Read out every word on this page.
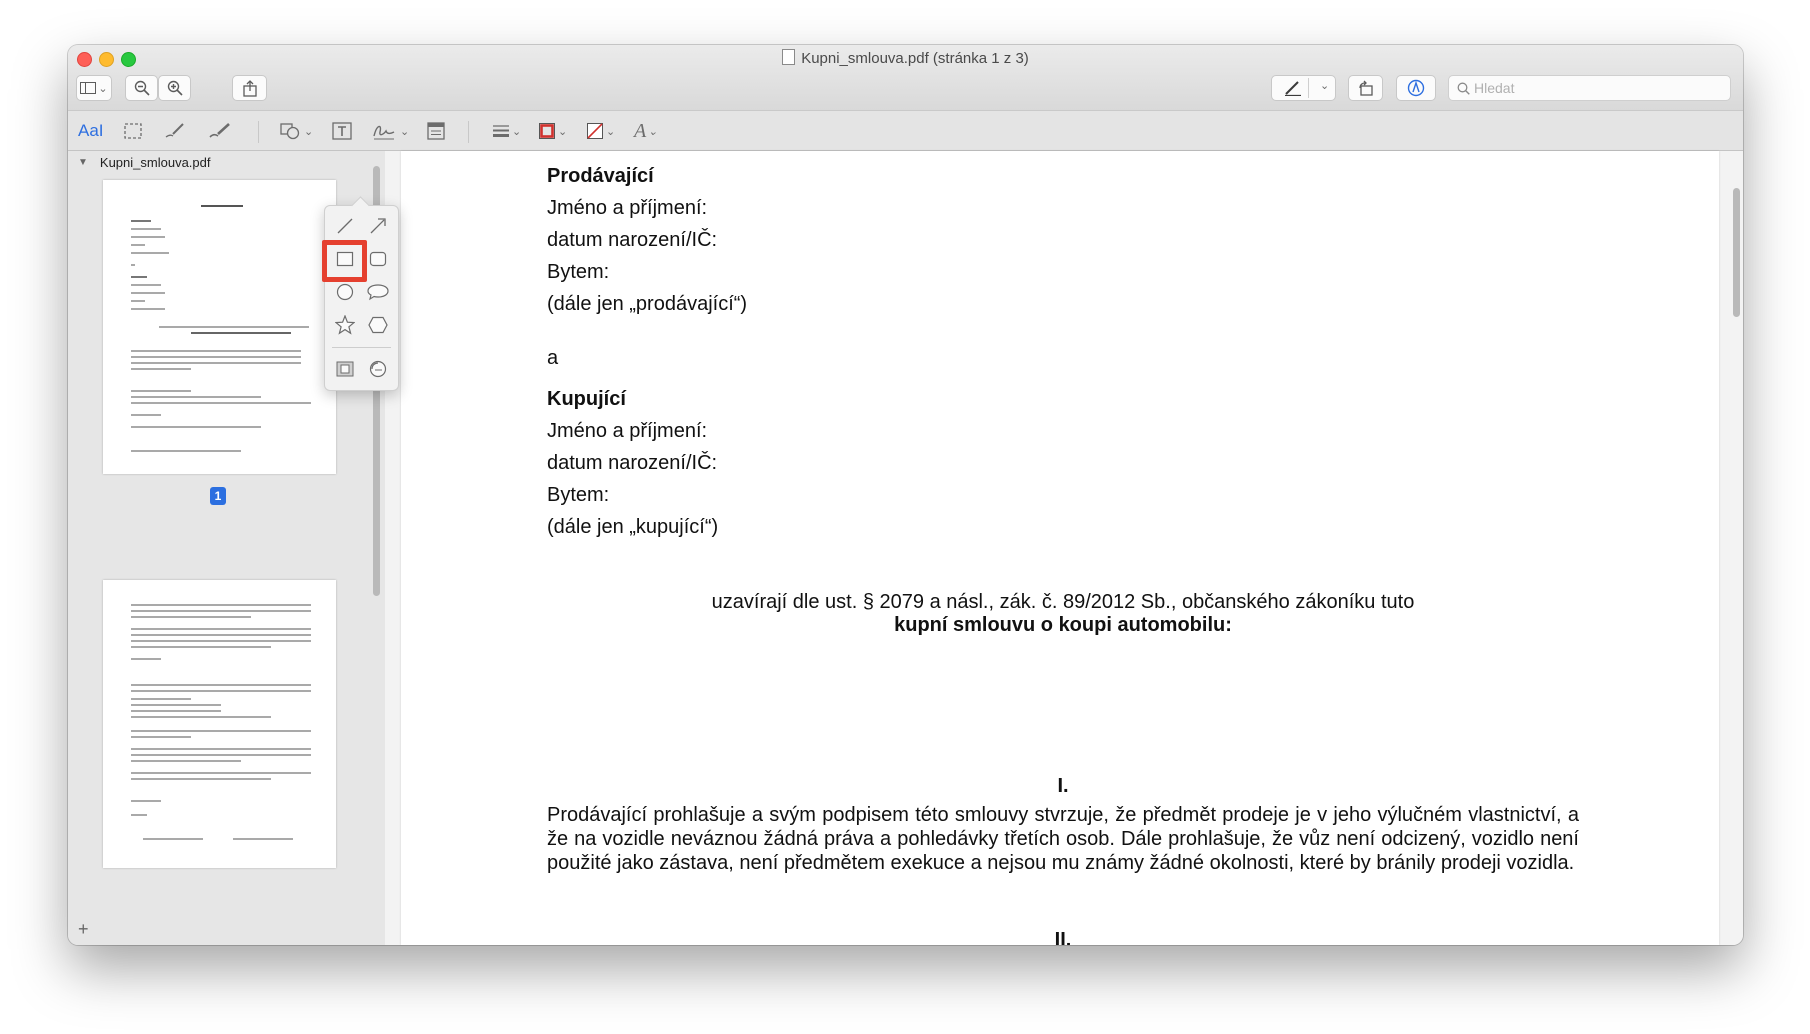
Kupni_smlouva.pdf (stránka 1 z 3)
⌄	⌄
Hledat
AaI	⌄	⌄	⌄	⌄	⌄ A ⌄
▼ Kupni_smlouva.pdf
1
+
Prodávající
Jméno a příjmení:
datum narození/IČ:
Bytem:
(dále jen „prodávající“)
a
Kupující
Jméno a příjmení:
datum narození/IČ:
Bytem:
(dále jen „kupující“)
uzavírají dle ust. § 2079 a násl., zák. č. 89/2012 Sb., občanského zákoníku tuto
kupní smlouvu o koupi automobilu:
I.
Prodávající prohlašuje a svým podpisem této smlouvy stvrzuje, že předmět prodeje je v jeho výlučném vlastnictví, a že na vozidle neváznou žádná práva a pohledávky třetích osob. Dále prohlašuje, že vůz není odcizený, vozidlo není použité jako zástava, není předmětem exekuce a nejsou mu známy žádné okolnosti, které by bránily prodeji vozidla.
II.
